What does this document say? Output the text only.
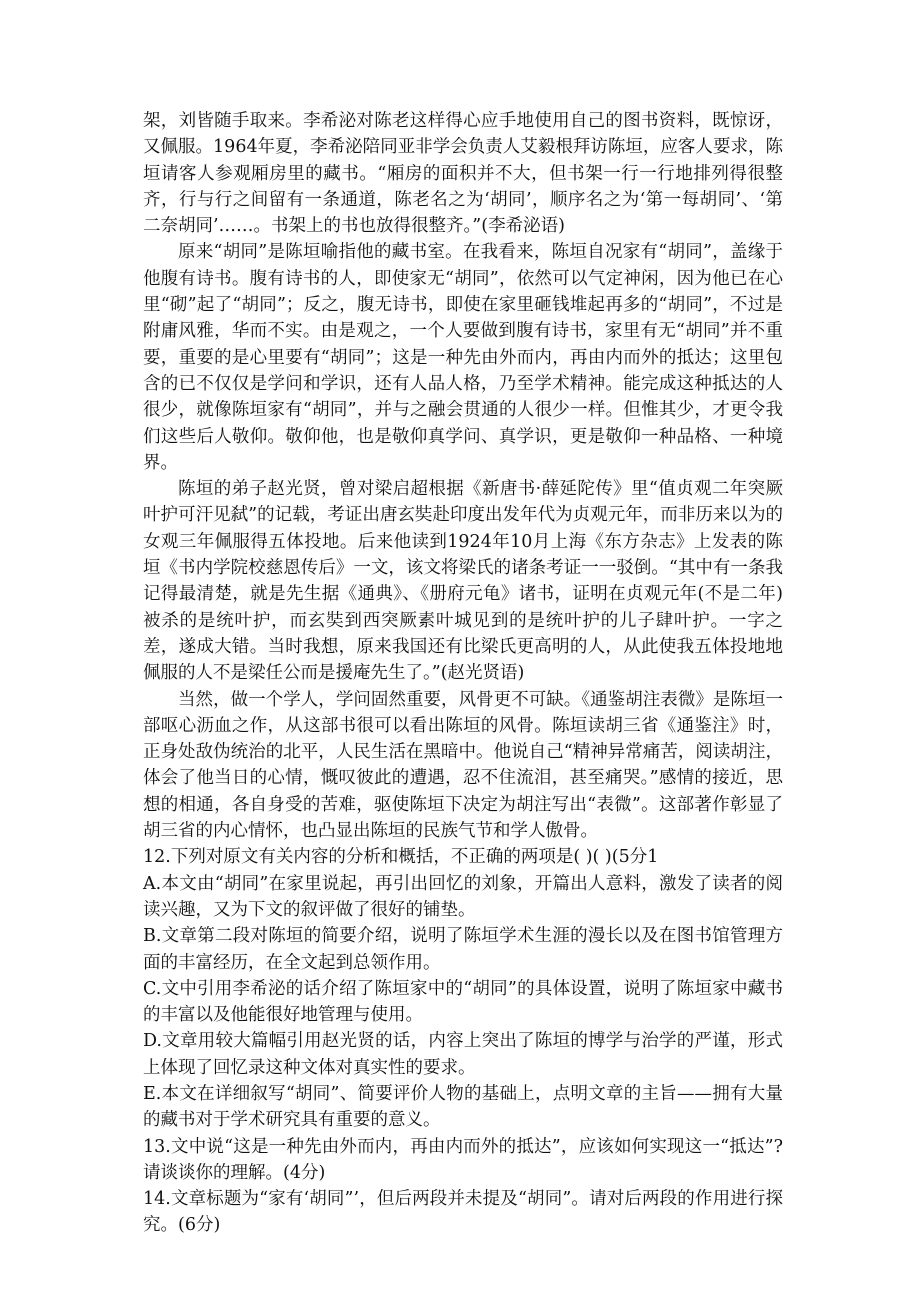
架，刘皆随手取来。李希泌对陈老这样得心应手地使用自己的图书资料，既惊讶，又佩服。1964年夏，李希泌陪同亚非学会负责人艾毅根拜访陈垣，应客人要求，陈垣请客人参观厢房里的藏书。“厢房的面积并不大，但书架一行一行地排列得很整齐，行与行之间留有一条通道，陈老名之为‘胡同’，顺序名之为‘第一每胡同’、‘第二奈胡同’……。书架上的书也放得很整齐。”(李希泌语)

原来“胡同”是陈垣喻指他的藏书室。在我看来，陈垣自况家有“胡同”，盖缘于他腹有诗书。腹有诗书的人，即使家无“胡同”，依然可以气定神闲，因为他已在心里“砌”起了“胡同”；反之，腹无诗书，即使在家里砸钱堆起再多的“胡同”，不过是附庸风雅，华而不实。由是观之，一个人要做到腹有诗书，家里有无“胡同”并不重要，重要的是心里要有“胡同”；这是一种先由外而内，再由内而外的抵达；这里包含的已不仅仅是学问和学识，还有人品人格，乃至学术精神。能完成这种抵达的人很少，就像陈垣家有“胡同”，并与之融会贯通的人很少一样。但惟其少，才更令我们这些后人敬仰。敬仰他，也是敬仰真学问、真学识，更是敬仰一种品格、一种境界。

陈垣的弟子赵光贤，曾对梁启超根据《新唐书·薛延陀传》里“值贞观二年突厥叶护可汗见弑”的记载，考证出唐玄奘赴印度出发年代为贞观元年，而非历来以为的女观三年佩服得五体投地。后来他读到1924年10月上海《东方杂志》上发表的陈垣《书内学院校慈恩传后》一文，该文将梁氏的诸条考证一一驳倒。“其中有一条我记得最清楚，就是先生据《通典》、《册府元龟》诸书，证明在贞观元年(不是二年)被杀的是统叶护，而玄奘到西突厥素叶城见到的是统叶护的儿子肆叶护。一字之差，遂成大错。当时我想，原来我国还有比梁氏更高明的人，从此使我五体投地地佩服的人不是梁任公而是援庵先生了。”(赵光贤语)

当然，做一个学人，学问固然重要，风骨更不可缺。《通鉴胡注表微》是陈垣一部呕心沥血之作，从这部书很可以看出陈垣的风骨。陈垣读胡三省《通鉴注》时，正身处敌伪统治的北平，人民生活在黑暗中。他说自己“精神异常痛苦，阅读胡注，体会了他当日的心情，慨叹彼此的遭遇，忍不住流泪，甚至痛哭。”感情的接近，思想的相通，各自身受的苦难，驱使陈垣下决定为胡注写出“表微”。这部著作彰显了胡三省的内心情怀，也凸显出陈垣的民族气节和学人傲骨。

12.下列对原文有关内容的分析和概括，不正确的两项是( )( )(5分1

A.本文由“胡同”在家里说起，再引出回忆的刘象，开篇出人意料，激发了读者的阅读兴趣，又为下文的叙评做了很好的铺垫。

B.文章第二段对陈垣的简要介绍，说明了陈垣学术生涯的漫长以及在图书馆管理方面的丰富经历，在全文起到总领作用。

C.文中引用李希泌的话介绍了陈垣家中的“胡同”的具体设置，说明了陈垣家中藏书的丰富以及他能很好地管理与使用。

D.文章用较大篇幅引用赵光贤的话，内容上突出了陈垣的博学与治学的严谨，形式上体现了回忆录这种文体对真实性的要求。

E.本文在详细叙写“胡同”、简要评价人物的基础上，点明文章的主旨——拥有大量的藏书对于学术研究具有重要的意义。

13.文中说“这是一种先由外而内，再由内而外的抵达”，应该如何实现这一“抵达”?请谈谈你的理解。(4分)

14.文章标题为“家有‘胡同”’，但后两段并未提及“胡同”。请对后两段的作用进行探究。(6分)
